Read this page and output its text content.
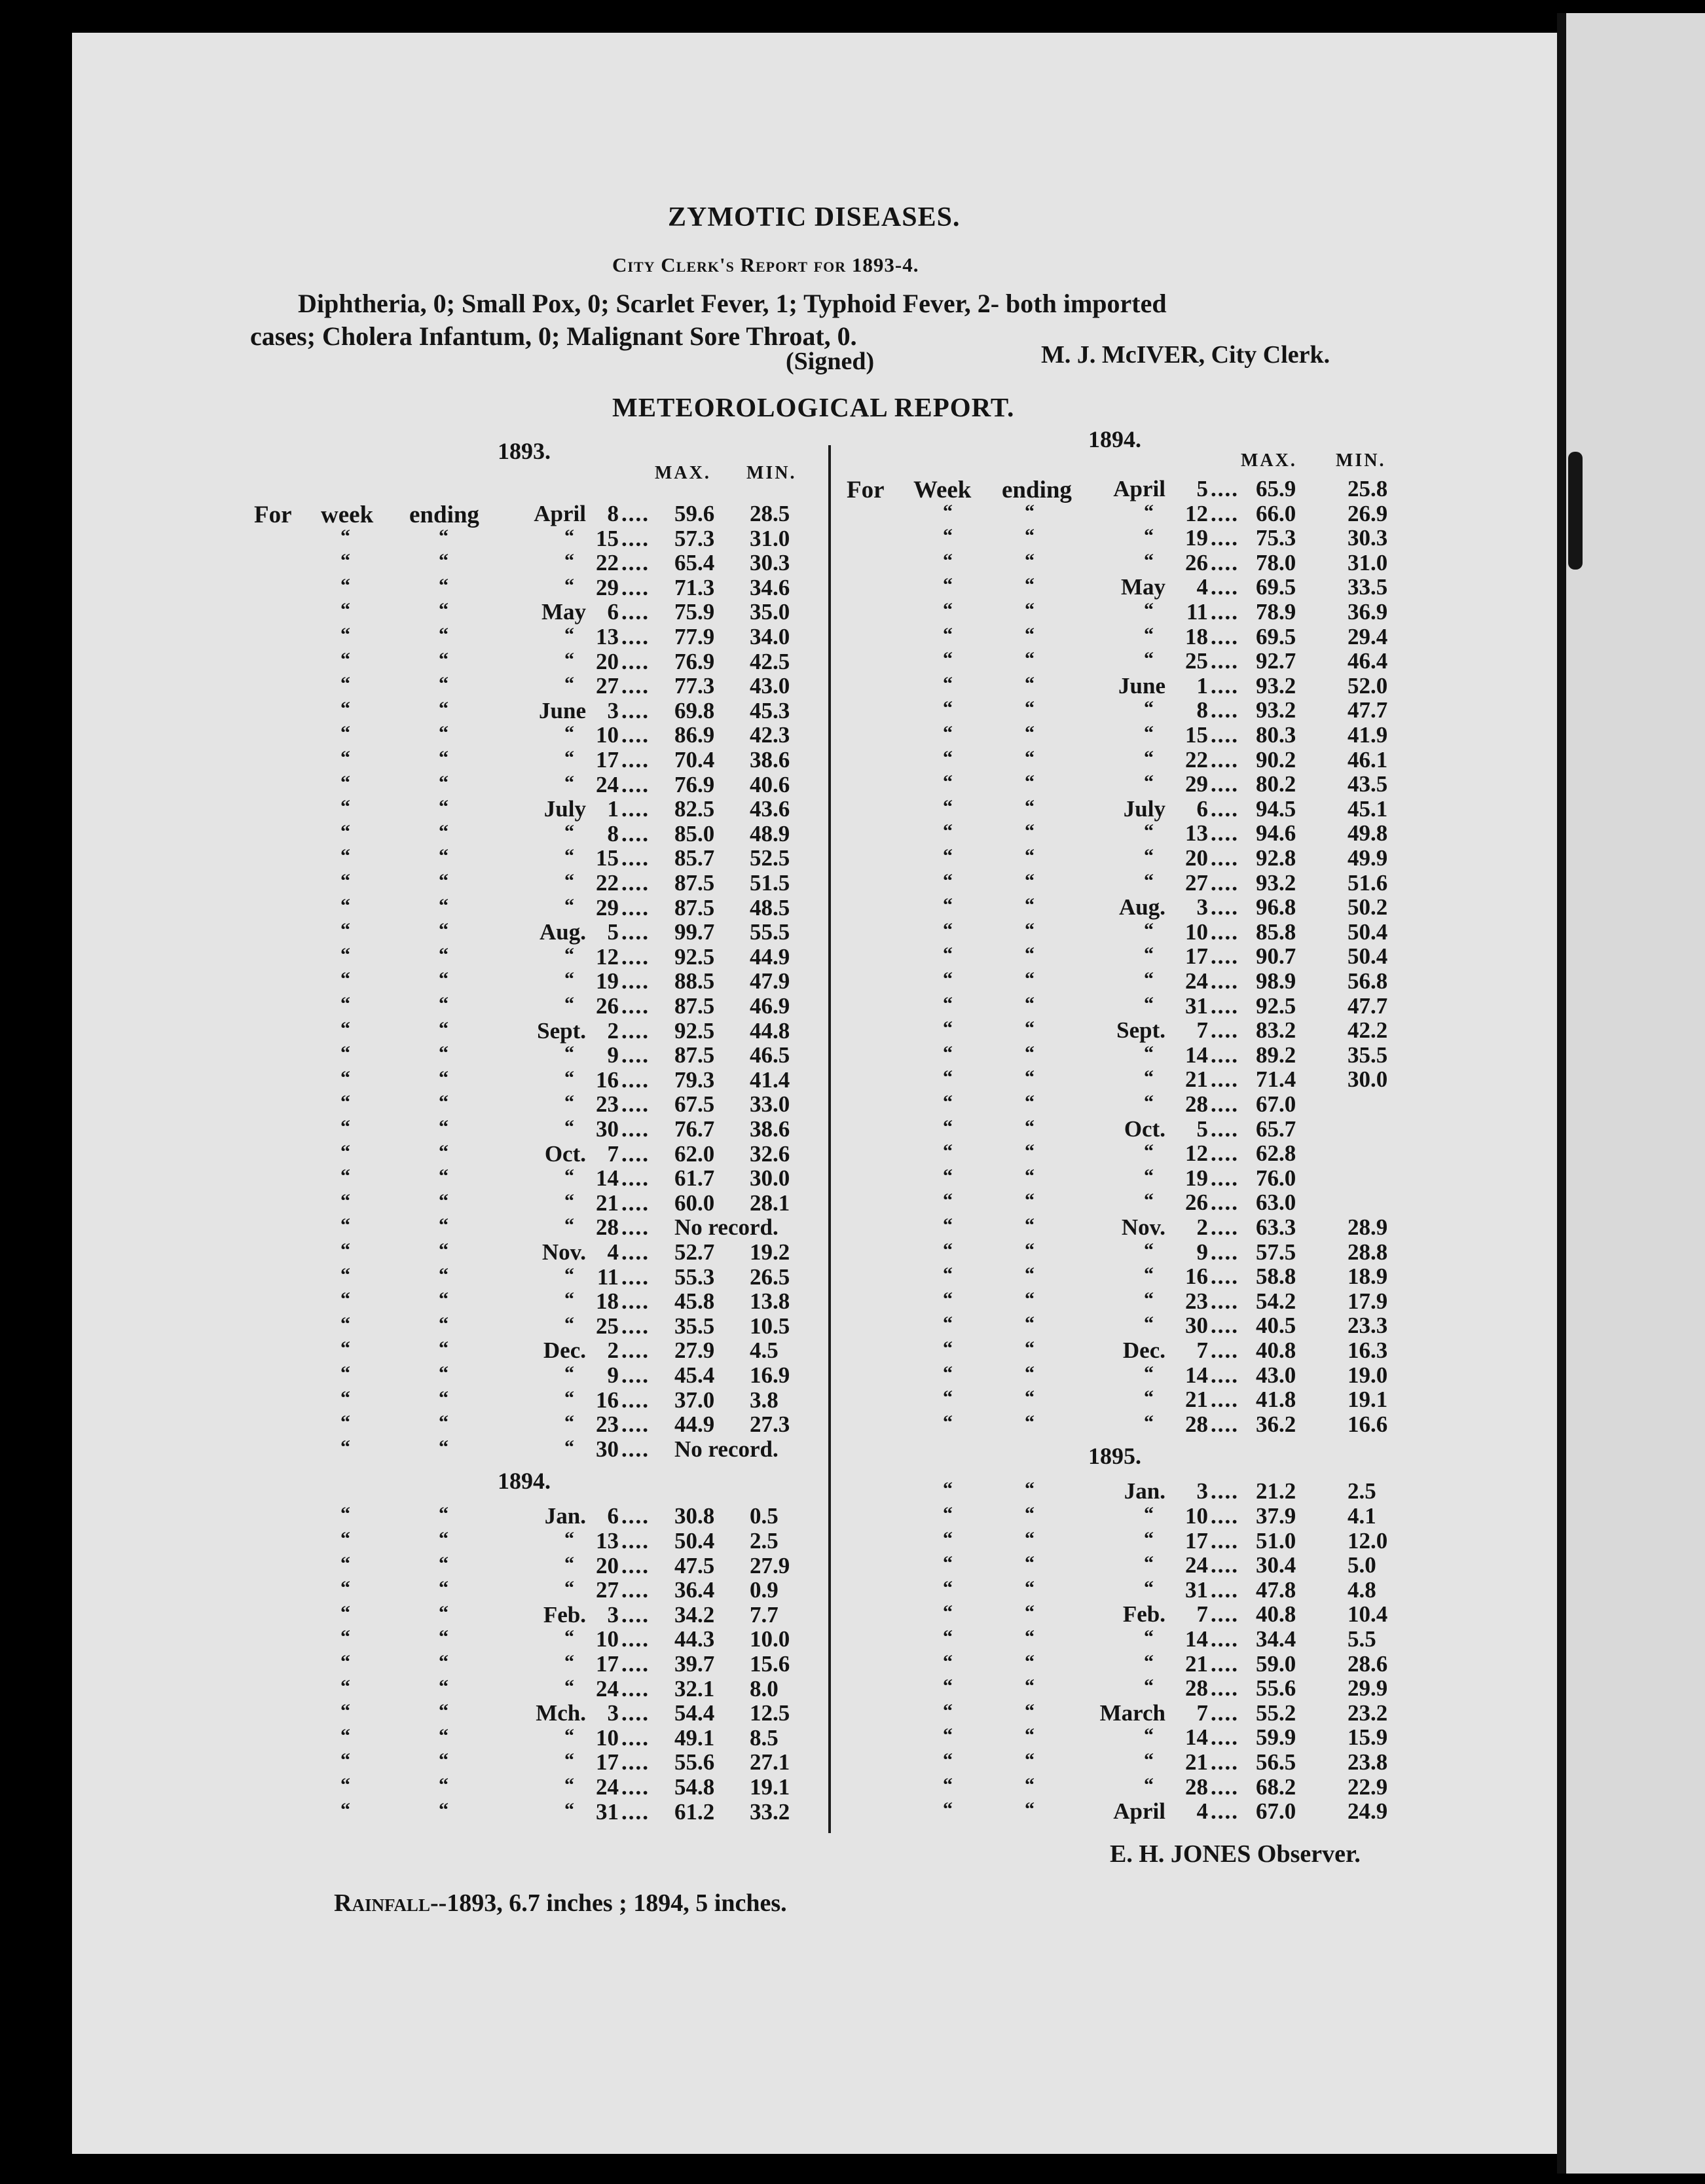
ZYMOTIC DISEASES.
City Clerk's Report for 1893-4.
Diphtheria, 0; Small Pox, 0; Scarlet Fever, 1; Typhoid Fever, 2- both imported
cases; Cholera Infantum, 0; Malignant Sore Throat, 0.
(Signed)	M. J. McIVER, City Clerk.
METEOROLOGICAL REPORT.
MAX. MIN.
1893.
For week ending April 8 .... 59.6 28.5
“	“	“ 15 .... 57.3 31.0
“	“	“ 22 .... 65.4 30.3
“	“	“ 29 .... 71.3 34.6
“	“	May 6 .... 75.9 35.0
“	“	“ 13 .... 77.9 34.0
“	“	“ 20 .... 76.9 42.5
“	“	“ 27 .... 77.3 43.0
“	“	June 3 .... 69.8 45.3
“	“	“ 10 .... 86.9 42.3
“	“	“ 17 .... 70.4 38.6
“	“	“ 24 .... 76.9 40.6
“	“	July 1 .... 82.5 43.6
“	“	“ 8 .... 85.0 48.9
“	“	“ 15 .... 85.7 52.5
“	“	“ 22 .... 87.5 51.5
“	“	“ 29 .... 87.5 48.5
“	“	Aug. 5 .... 99.7 55.5
“	“	“ 12 .... 92.5 44.9
“	“	“ 19 .... 88.5 47.9
“	“	“ 26 .... 87.5 46.9
“	“	Sept. 2 .... 92.5 44.8
“	“	“ 9 .... 87.5 46.5
“	“	“ 16 .... 79.3 41.4
“	“	“ 23 .... 67.5 33.0
“	“	“ 30 .... 76.7 38.6
“	“	Oct. 7 .... 62.0 32.6
“	“	“ 14 .... 61.7 30.0
“	“	“ 21 .... 60.0 28.1
“	“	“ 28 .... No record.
“	“	Nov. 4 .... 52.7 19.2
“	“	“ 11 .... 55.3 26.5
“	“	“ 18 .... 45.8 13.8
“	“	“ 25 .... 35.5 10.5
“	“	Dec. 2 .... 27.9 4.5
“	“	“ 9 .... 45.4 16.9
“	“	“ 16 .... 37.0 3.8
“	“	“ 23 .... 44.9 27.3
“	“	“ 30 .... No record.
1894.
“	“	Jan. 6 .... 30.8 0.5
“	“	“ 13 .... 50.4 2.5
“	“	“ 20 .... 47.5 27.9
“	“	“ 27 .... 36.4 0.9
“	“	Feb. 3 .... 34.2 7.7
“	“	“ 10 .... 44.3 10.0
“	“	“ 17 .... 39.7 15.6
“	“	“ 24 .... 32.1 8.0
“	“	Mch. 3 .... 54.4 12.5
“	“	“ 10 .... 49.1 8.5
“	“	“ 17 .... 55.6 27.1
“	“	“ 24 .... 54.8 19.1
“	“	“ 31 .... 61.2 33.2
MAX. MIN.
1894.
For Week ending April 5 .... 65.9 25.8
“	“	“ 12 .... 66.0 26.9
“	“	“ 19 .... 75.3 30.3
“	“	“ 26 .... 78.0 31.0
“	“	May 4 .... 69.5 33.5
“	“	“ 11 .... 78.9 36.9
“	“	“ 18 .... 69.5 29.4
“	“	“ 25 .... 92.7 46.4
“	“	June 1 .... 93.2 52.0
“	“	“ 8 .... 93.2 47.7
“	“	“ 15 .... 80.3 41.9
“	“	“ 22 .... 90.2 46.1
“	“	“ 29 .... 80.2 43.5
“	“	July 6 .... 94.5 45.1
“	“	“ 13 .... 94.6 49.8
“	“	“ 20 .... 92.8 49.9
“	“	“ 27 .... 93.2 51.6
“	“	Aug. 3 .... 96.8 50.2
“	“	“ 10 .... 85.8 50.4
“	“	“ 17 .... 90.7 50.4
“	“	“ 24 .... 98.9 56.8
“	“	“ 31 .... 92.5 47.7
“	“	Sept. 7 .... 83.2 42.2
“	“	“ 14 .... 89.2 35.5
“	“	“ 21 .... 71.4 30.0
“	“	“ 28 .... 67.0
“	“	Oct. 5 .... 65.7
“	“	“ 12 .... 62.8
“	“	“ 19 .... 76.0
“	“	“ 26 .... 63.0
“	“	Nov. 2 .... 63.3 28.9
“	“	“ 9 .... 57.5 28.8
“	“	“ 16 .... 58.8 18.9
“	“	“ 23 .... 54.2 17.9
“	“	“ 30 .... 40.5 23.3
“	“	Dec. 7 .... 40.8 16.3
“	“	“ 14 .... 43.0 19.0
“	“	“ 21 .... 41.8 19.1
“	“	“ 28 .... 36.2 16.6
1895.
“	“	Jan. 3 .... 21.2 2.5
“	“	“ 10 .... 37.9 4.1
“	“	“ 17 .... 51.0 12.0
“	“	“ 24 .... 30.4 5.0
“	“	“ 31 .... 47.8 4.8
“	“	Feb. 7 .... 40.8 10.4
“	“	“ 14 .... 34.4 5.5
“	“	“ 21 .... 59.0 28.6
“	“	“ 28 .... 55.6 29.9
“	“	March 7 .... 55.2 23.2
“	“	“ 14 .... 59.9 15.9
“	“	“ 21 .... 56.5 23.8
“	“	“ 28 .... 68.2 22.9
“	“	April 4 .... 67.0 24.9
E. H. JONES Observer.
Rainfall--1893, 6.7 inches ; 1894, 5 inches.
